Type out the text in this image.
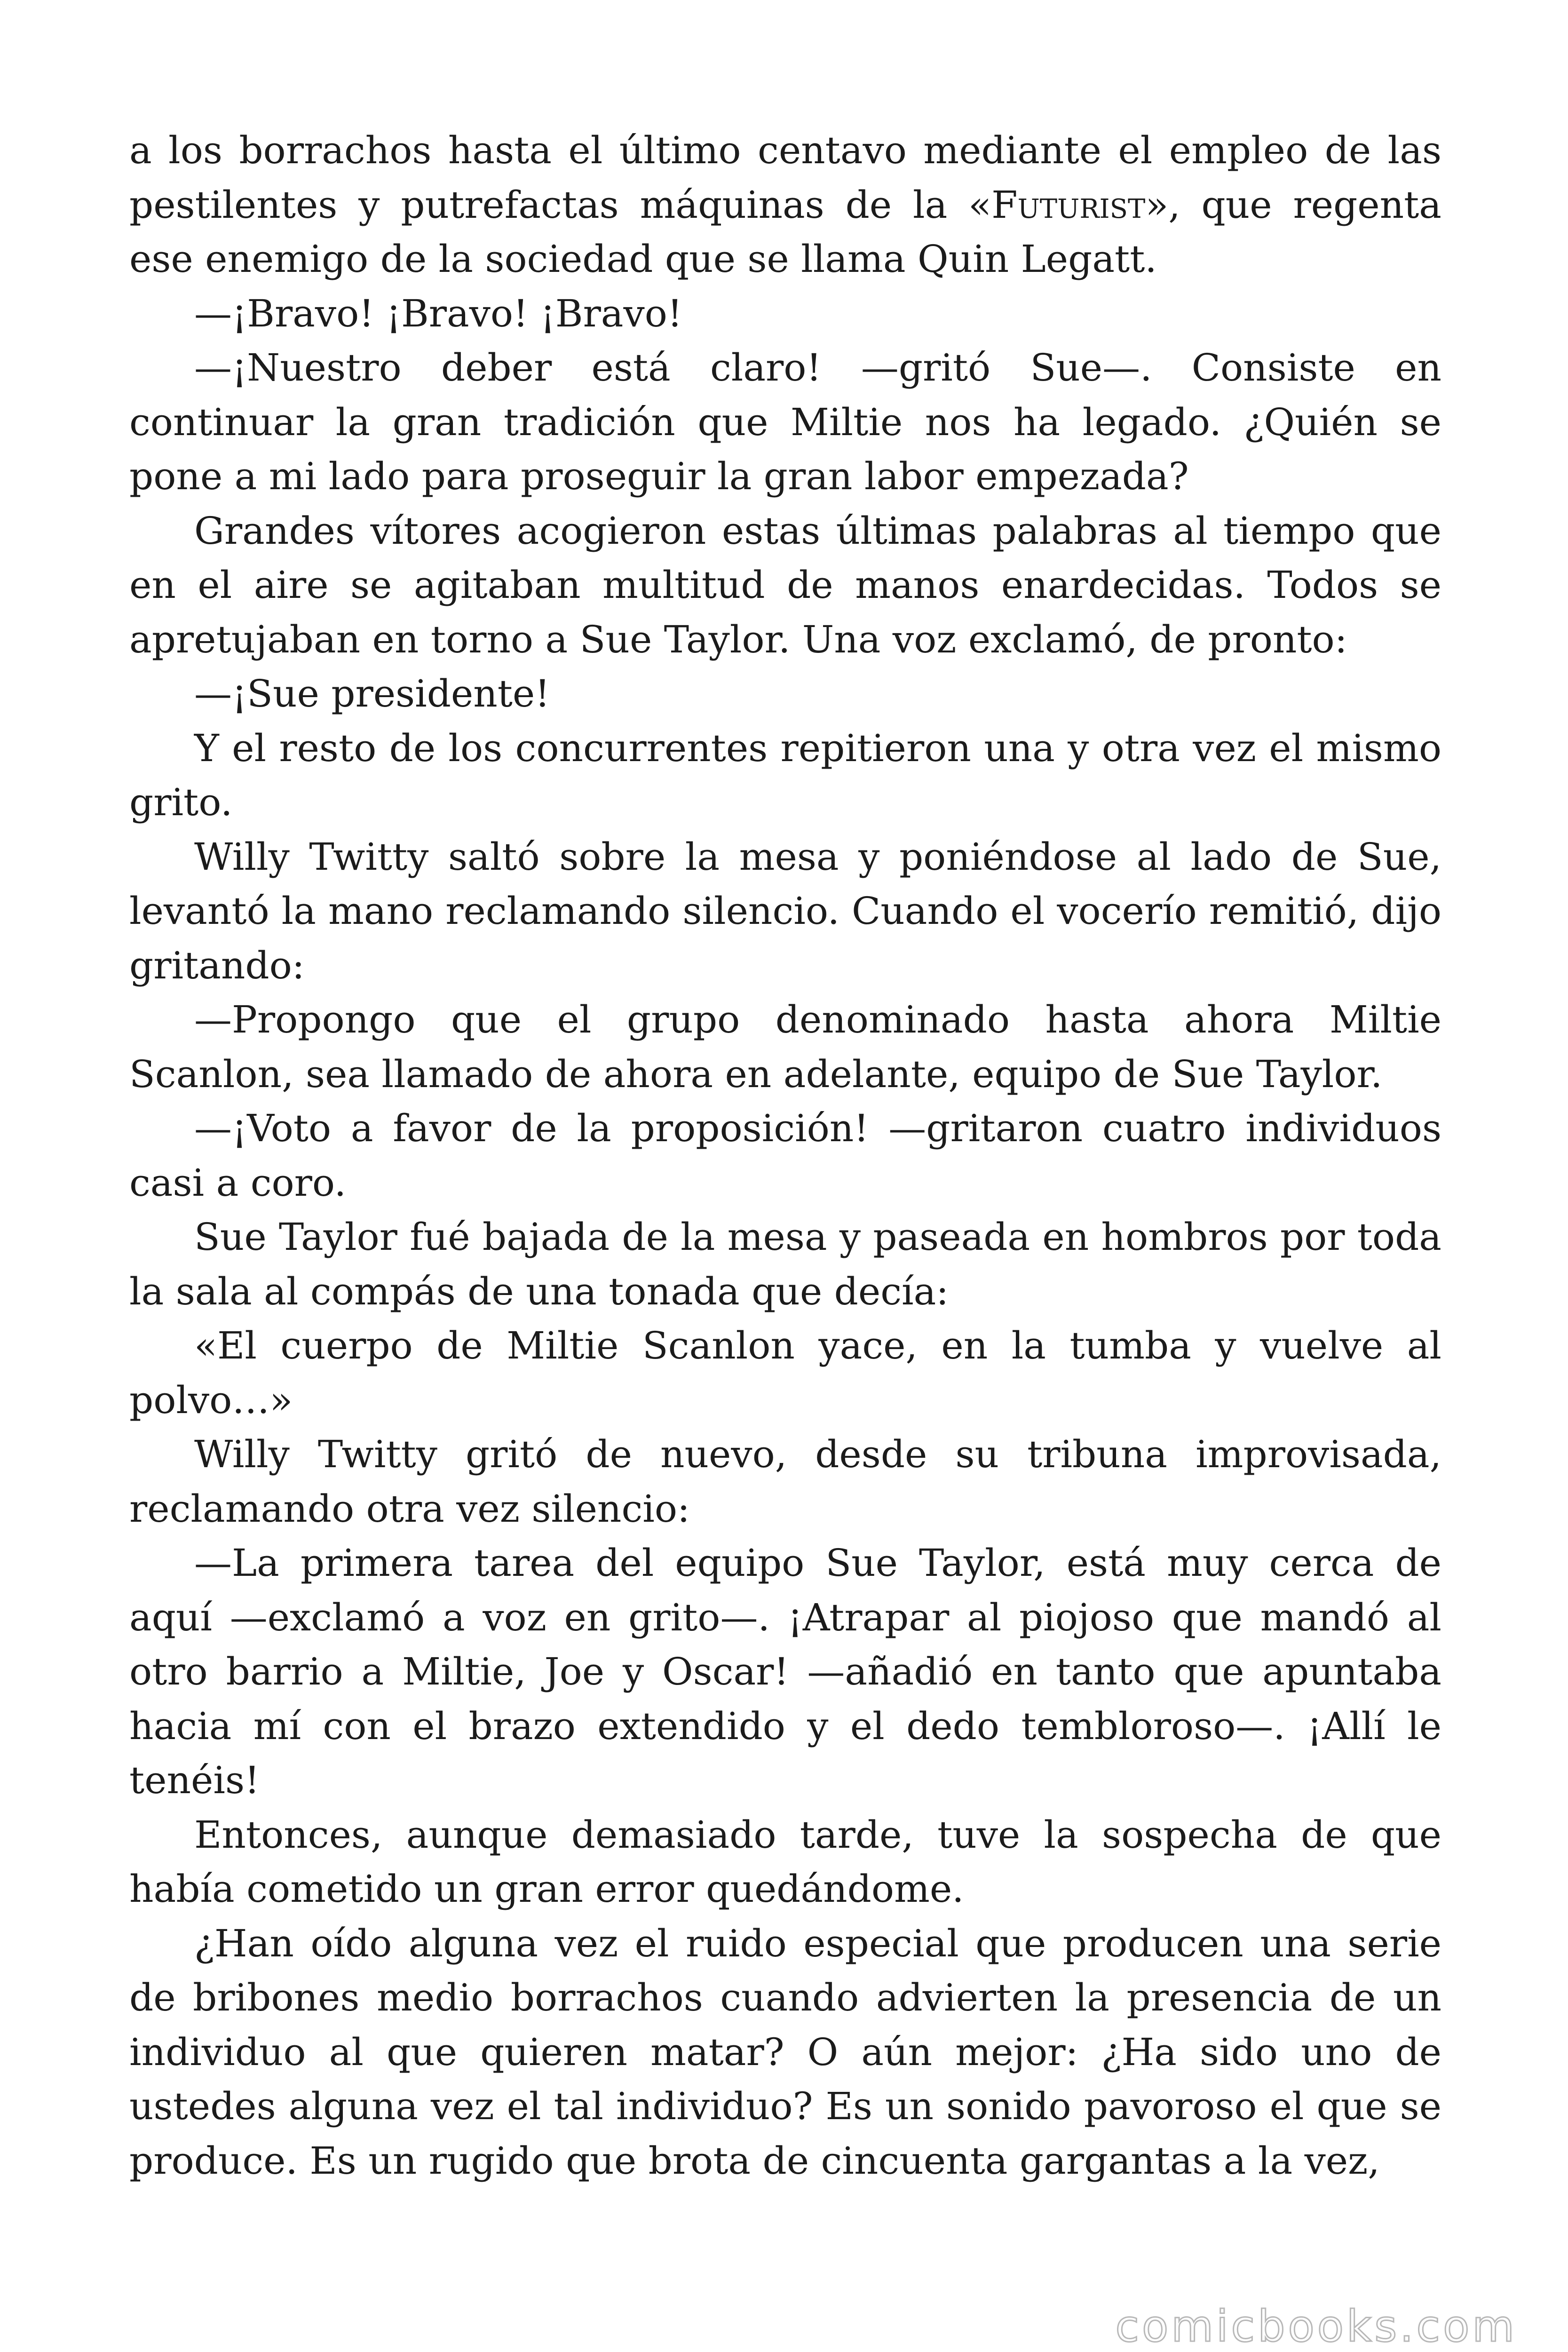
a los borrachos hasta el último centavo mediante el empleo de las pestilentes y putrefactas máquinas de la «Futurist», que regenta ese enemigo de la sociedad que se llama Quin Legatt.

—¡Bravo! ¡Bravo! ¡Bravo!

—¡Nuestro deber está claro! —gritó Sue—. Consiste en continuar la gran tradición que Miltie nos ha legado. ¿Quién se pone a mi lado para proseguir la gran labor empezada?

Grandes vítores acogieron estas últimas palabras al tiempo que en el aire se agitaban multitud de manos enardecidas. Todos se apretujaban en torno a Sue Taylor. Una voz exclamó, de pronto:

—¡Sue presidente!

Y el resto de los concurrentes repitieron una y otra vez el mismo grito.

Willy Twitty saltó sobre la mesa y poniéndose al lado de Sue, levantó la mano reclamando silencio. Cuando el vocerío remitió, dijo gritando:

—Propongo que el grupo denominado hasta ahora Miltie Scanlon, sea llamado de ahora en adelante, equipo de Sue Taylor.

—¡Voto a favor de la proposición! —gritaron cuatro individuos casi a coro.

Sue Taylor fué bajada de la mesa y paseada en hombros por toda la sala al compás de una tonada que decía:

«El cuerpo de Miltie Scanlon yace, en la tumba y vuelve al polvo…»

Willy Twitty gritó de nuevo, desde su tribuna improvisada, reclamando otra vez silencio:

—La primera tarea del equipo Sue Taylor, está muy cerca de aquí —exclamó a voz en grito—. ¡Atrapar al piojoso que mandó al otro barrio a Miltie, Joe y Oscar! —añadió en tanto que apuntaba hacia mí con el brazo extendido y el dedo tembloroso—. ¡Allí le tenéis!

Entonces, aunque demasiado tarde, tuve la sospecha de que había cometido un gran error quedándome.

¿Han oído alguna vez el ruido especial que producen una serie de bribones medio borrachos cuando advierten la presencia de un individuo al que quieren matar? O aún mejor: ¿Ha sido uno de ustedes alguna vez el tal individuo? Es un sonido pavoroso el que se produce. Es un rugido que brota de cincuenta gargantas a la vez,

comicbooks.com
